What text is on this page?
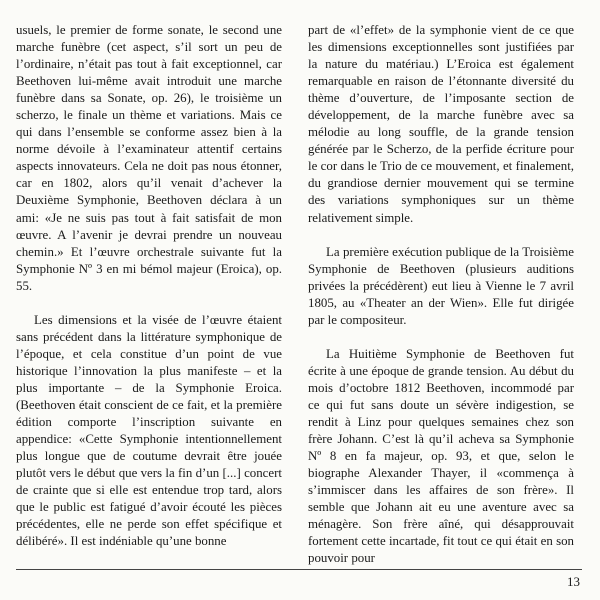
usuels, le premier de forme sonate, le second une marche funèbre (cet aspect, s’il sort un peu de l’ordinaire, n’était pas tout à fait exceptionnel, car Beethoven lui-même avait introduit une marche funèbre dans sa Sonate, op. 26), le troisième un scherzo, le finale un thème et variations. Mais ce qui dans l’ensemble se conforme assez bien à la norme dévoile à l’examinateur attentif certains aspects innovateurs. Cela ne doit pas nous étonner, car en 1802, alors qu’il venait d’achever la Deuxième Symphonie, Beethoven déclara à un ami: «Je ne suis pas tout à fait satisfait de mon œuvre. A l’avenir je devrai prendre un nouveau chemin.» Et l’œuvre orchestrale suivante fut la Symphonie Nº 3 en mi bémol majeur (Eroica), op. 55.

Les dimensions et la visée de l’œuvre étaient sans précédent dans la littérature symphonique de l’époque, et cela constitue d’un point de vue historique l’innovation la plus manifeste – et la plus importante – de la Symphonie Eroica. (Beethoven était conscient de ce fait, et la première édition comporte l’inscription suivante en appendice: «Cette Symphonie intentionnellement plus longue que de coutume devrait être jouée plutôt vers le début que vers la fin d’un [...] concert de crainte que si elle est entendue trop tard, alors que le public est fatigué d’avoir écouté les pièces précédentes, elle ne perde son effet spécifique et délibéré». Il est indéniable qu’une bonne

part de «l’effet» de la symphonie vient de ce que les dimensions exceptionnelles sont justifiées par la nature du matériau.) L’Eroica est également remarquable en raison de l’étonnante diversité du thème d’ouverture, de l’imposante section de développement, de la marche funèbre avec sa mélodie au long souffle, de la grande tension générée par le Scherzo, de la perfide écriture pour le cor dans le Trio de ce mouvement, et finalement, du grandiose dernier mouvement qui se termine des variations symphoniques sur un thème relativement simple.

La première exécution publique de la Troisième Symphonie de Beethoven (plusieurs auditions privées la précédèrent) eut lieu à Vienne le 7 avril 1805, au «Theater an der Wien». Elle fut dirigée par le compositeur.

La Huitième Symphonie de Beethoven fut écrite à une époque de grande tension. Au début du mois d’octobre 1812 Beethoven, incommodé par ce qui fut sans doute un sévère indigestion, se rendit à Linz pour quelques semaines chez son frère Johann. C’est là qu’il acheva sa Symphonie Nº 8 en fa majeur, op. 93, et que, selon le biographe Alexander Thayer, il «commença à s’immiscer dans les affaires de son frère». Il semble que Johann ait eu une aventure avec sa ménagère. Son frère aîné, qui désapprouvait fortement cette incartade, fit tout ce qui était en son pouvoir pour

13
